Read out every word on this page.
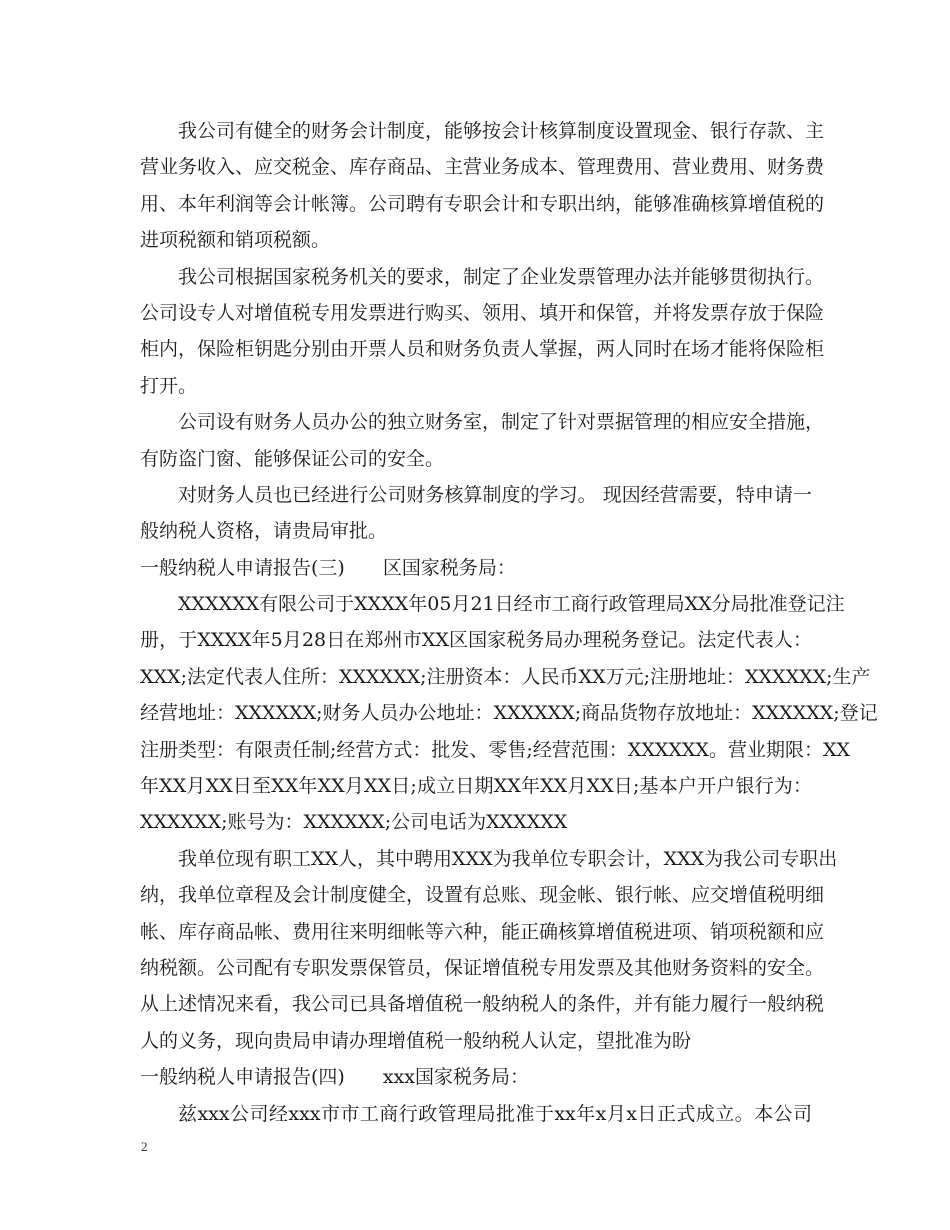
我公司有健全的财务会计制度，能够按会计核算制度设置现金、银行存款、主
营业务收入、应交税金、库存商品、主营业务成本、管理费用、营业费用、财务费
用、本年利润等会计帐簿。公司聘有专职会计和专职出纳，能够准确核算增值税的
进项税额和销项税额。
我公司根据国家税务机关的要求，制定了企业发票管理办法并能够贯彻执行。
公司设专人对增值税专用发票进行购买、领用、填开和保管，并将发票存放于保险
柜内，保险柜钥匙分别由开票人员和财务负责人掌握，两人同时在场才能将保险柜
打开。
公司设有财务人员办公的独立财务室，制定了针对票据管理的相应安全措施，
有防盗门窗、能够保证公司的安全。
对财务人员也已经进行公司财务核算制度的学习。 现因经营需要，特申请一
般纳税人资格，请贵局审批。
一般纳税人申请报告(三) 区国家税务局：
XXXXXX有限公司于XXXX年05月21日经市工商行政管理局XX分局批准登记注
册，于XXXX年5月28日在郑州市XX区国家税务局办理税务登记。法定代表人：
XXX;法定代表人住所：XXXXXX;注册资本：人民币XX万元;注册地址：XXXXXX;生产
经营地址：XXXXXX;财务人员办公地址：XXXXXX;商品货物存放地址：XXXXXX;登记
注册类型：有限责任制;经营方式：批发、零售;经营范围：XXXXXX。营业期限：XX
年XX月XX日至XX年XX月XX日;成立日期XX年XX月XX日;基本户开户银行为：
XXXXXX;账号为：XXXXXX;公司电话为XXXXXX
我单位现有职工XX人，其中聘用XXX为我单位专职会计，XXX为我公司专职出
纳，我单位章程及会计制度健全，设置有总账、现金帐、银行帐、应交增值税明细
帐、库存商品帐、费用往来明细帐等六种，能正确核算增值税进项、销项税额和应
纳税额。公司配有专职发票保管员，保证增值税专用发票及其他财务资料的安全。
从上述情况来看，我公司已具备增值税一般纳税人的条件，并有能力履行一般纳税
人的义务，现向贵局申请办理增值税一般纳税人认定，望批准为盼
一般纳税人申请报告(四) xxx国家税务局：
兹xxx公司经xxx市市工商行政管理局批准于xx年x月x日正式成立。本公司
2
